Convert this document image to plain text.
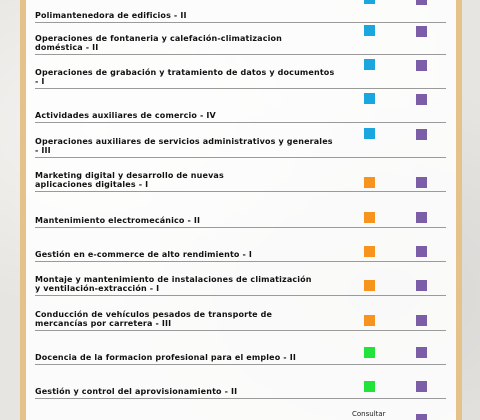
Polimantenedora de edificios - II
Operaciones de fontaneria y calefación-climatizacion
doméstica - II
Operaciones de grabación y tratamiento de datos y documentos - I
Actividades auxiliares de comercio - IV
Operaciones auxiliares de servicios administrativos y generales - III
Marketing digital y desarrollo de nuevas
aplicaciones digitales - I
Mantenimiento electromecánico - II
Gestión en e-commerce de alto rendimiento - I
Montaje y mantenimiento de instalaciones de climatización
y ventilación-extracción - I
Conducción de vehículos pesados de transporte de
mercancías por carretera - III
Docencia de la formacion profesional para el empleo - II
Gestión y control del aprovisionamiento - II
Consultar
